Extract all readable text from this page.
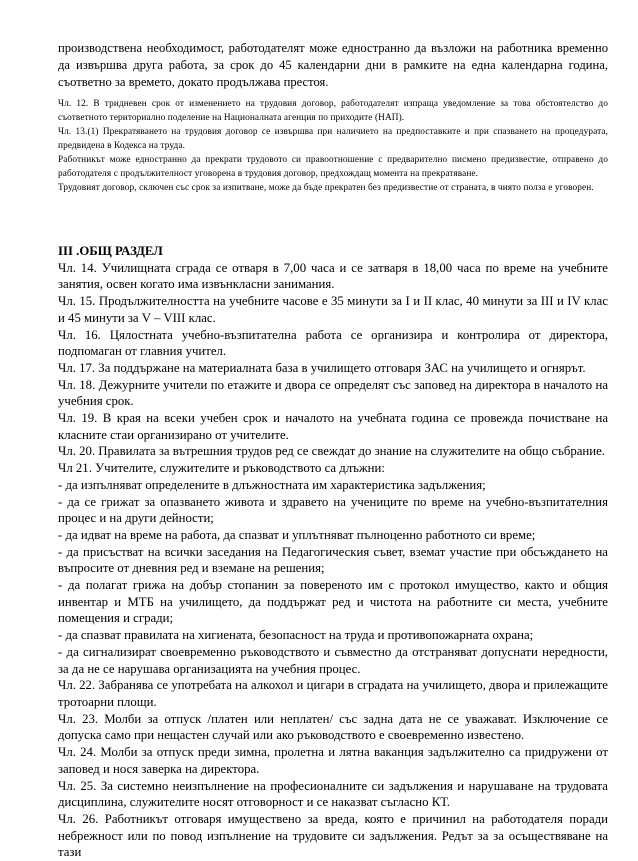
производствена необходимост, работодателят може едностранно да възложи на работника временно да извършва друга работа, за срок до 45 календарни дни в рамките на една календарна година, съответно за времето, докато продължава престоя.

Чл. 12. В тридневен срок от изменението на трудовия договор, работодателят изпраща уведомление за това обстоятелство до съответното териториално поделение на Националната агенция по приходите (НАП).
Чл. 13.(1) Прекратяването на трудовия договор се извършва при наличието на предпоставките и при спазването на процедурата, предвидена в Кодекса на труда.
Работникът може едностранно да прекрати трудовото си правоотношение с предварително писмено предизвестие, отправено до работодателя с продължителност уговорена в трудовия договор, предхождащ момента на прекратяване.
Трудовият договор, сключен със срок за изпитване, може да бъде прекратен без предизвестие от страната, в чиято полза е уговорен.
III .ОБЩ РАЗДЕЛ
Чл. 14. Училищната сграда се отваря в 7,00 часа и се затваря в 18,00 часа по време на учебните занятия, освен когато има извънкласни занимания.
Чл. 15. Продължителността на учебните часове е 35 минути за I и II клас, 40 минути за III и IV клас и 45 минути за V – VIII клас.
Чл. 16. Цялостната учебно-възпитателна работа се организира и контролира от директора, подпомаган от главния учител.
Чл. 17. За поддържане на материалната база в училището отговаря ЗАС на училището и огнярът.
Чл. 18. Дежурните учители по етажите и двора се определят със заповед на директора в началото на учебния срок.
Чл. 19. В края на всеки учебен срок и началото на учебната година се провежда почистване на класните стаи организирано от учителите.
Чл. 20. Правилата за вътрешния трудов ред се свеждат до знание на служителите на общо събрание.
Чл 21. Учителите, служителите и ръководството са длъжни:
- да изпълняват определените в длъжностната им характеристика задължения;
- да се грижат за опазването живота и здравето на учениците по време на учебно-възпитателния процес и на други дейности;
- да идват на време на работа, да спазват и уплътняват пълноценно работното си време;
- да присъстват на всички заседания на Педагогическия съвет, вземат участие при обсъждането на въпросите от дневния ред и вземане на решения;
- да полагат грижа на добър стопанин за повереното им с протокол имущество, както и общия инвентар и МТБ на училището, да поддържат ред и чистота на работните си места, учебните помещения и сгради;
- да спазват правилата на хигиената, безопасност на труда и противопожарната охрана;
- да сигнализират своевременно ръководството и съвместно да отстраняват допуснати нередности, за да не се нарушава организацията на учебния процес.
Чл. 22. Забранява се употребата на алкохол и цигари в сградата на училището, двора и прилежащите тротоарни площи.
Чл. 23. Молби за отпуск /платен или неплатен/ със задна дата не се уважават. Изключение се допуска само при нещастен случай или ако ръководството е своевременно известено.
Чл. 24. Молби за отпуск преди зимна, пролетна и лятна ваканция задължително са придружени от заповед и нося заверка на директора.
Чл. 25. За системно неизпълнение на професионалните си задължения и нарушаване на трудовата дисциплина, служителите носят отговорност и се наказват съгласно КТ.
Чл. 26. Работникът отговаря имуществено за вреда, която е причинил на работодателя поради небрежност или по повод изпълнение на трудовите си задължения. Редът за за осъществяване на тази
